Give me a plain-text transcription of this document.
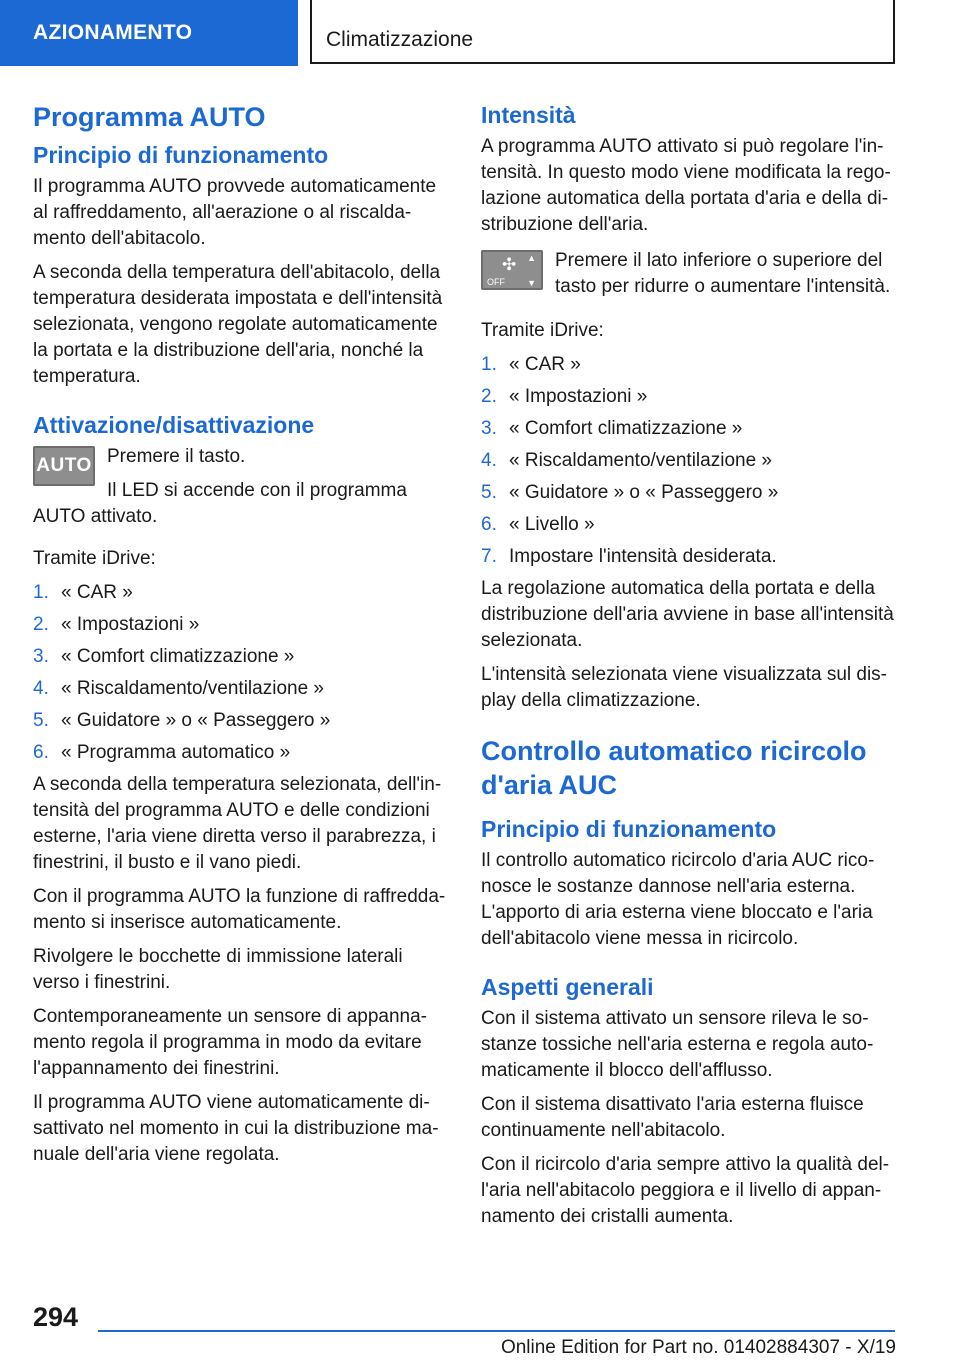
AZIONAMENTO	Climatizzazione
Programma AUTO
Principio di funzionamento

Il programma AUTO provvede automaticamente al raffreddamento, all'aerazione o al riscalda-mento dell'abitacolo.

A seconda della temperatura dell'abitacolo, della temperatura desiderata impostata e dell'intensità selezionata, vengono regolate automaticamente la portata e la distribuzione dell'aria, nonché la temperatura.

Attivazione/disattivazione
AUTO Premere il tasto.

Il LED si accende con il programma AUTO attivato.

Tramite iDrive:

1. « CAR »
2. « Impostazioni »
3. « Comfort climatizzazione »
4. « Riscaldamento/ventilazione »
5. « Guidatore » o « Passeggero »
6. « Programma automatico »

A seconda della temperatura selezionata, dell'in-tensità del programma AUTO e delle condizioni esterne, l'aria viene diretta verso il parabrezza, i finestrini, il busto e il vano piedi.

Con il programma AUTO la funzione di raffredda-mento si inserisce automaticamente.

Rivolgere le bocchette di immissione laterali verso i finestrini.

Contemporaneamente un sensore di appanna-mento regola il programma in modo da evitare l'appannamento dei finestrini.

Il programma AUTO viene automaticamente di-sattivato nel momento in cui la distribuzione ma-nuale dell'aria viene regolata.

Intensità

A programma AUTO attivato si può regolare l'in-tensità. In questo modo viene modificata la rego-lazione automatica della portata d'aria e della di-stribuzione dell'aria.

✣ ▲
OFF ▼

Premere il lato inferiore o superiore del tasto per ridurre o aumentare l'intensità.

Tramite iDrive:

1. « CAR »
2. « Impostazioni »
3. « Comfort climatizzazione »
4. « Riscaldamento/ventilazione »
5. « Guidatore » o « Passeggero »
6. « Livello »
7. Impostare l'intensità desiderata.

La regolazione automatica della portata e della distribuzione dell'aria avviene in base all'intensità selezionata.

L'intensità selezionata viene visualizzata sul dis-play della climatizzazione.

Controllo automatico ricircolo d'aria AUC
Principio di funzionamento

Il controllo automatico ricircolo d'aria AUC rico-nosce le sostanze dannose nell'aria esterna. L'apporto di aria esterna viene bloccato e l'aria dell'abitacolo viene messa in ricircolo.

Aspetti generali

Con il sistema attivato un sensore rileva le so-stanze tossiche nell'aria esterna e regola auto-maticamente il blocco dell'afflusso.

Con il sistema disattivato l'aria esterna fluisce continuamente nell'abitacolo.

Con il ricircolo d'aria sempre attivo la qualità del-l'aria nell'abitacolo peggiora e il livello di appan-namento dei cristalli aumenta.

294
Online Edition for Part no. 01402884307 - X/19
